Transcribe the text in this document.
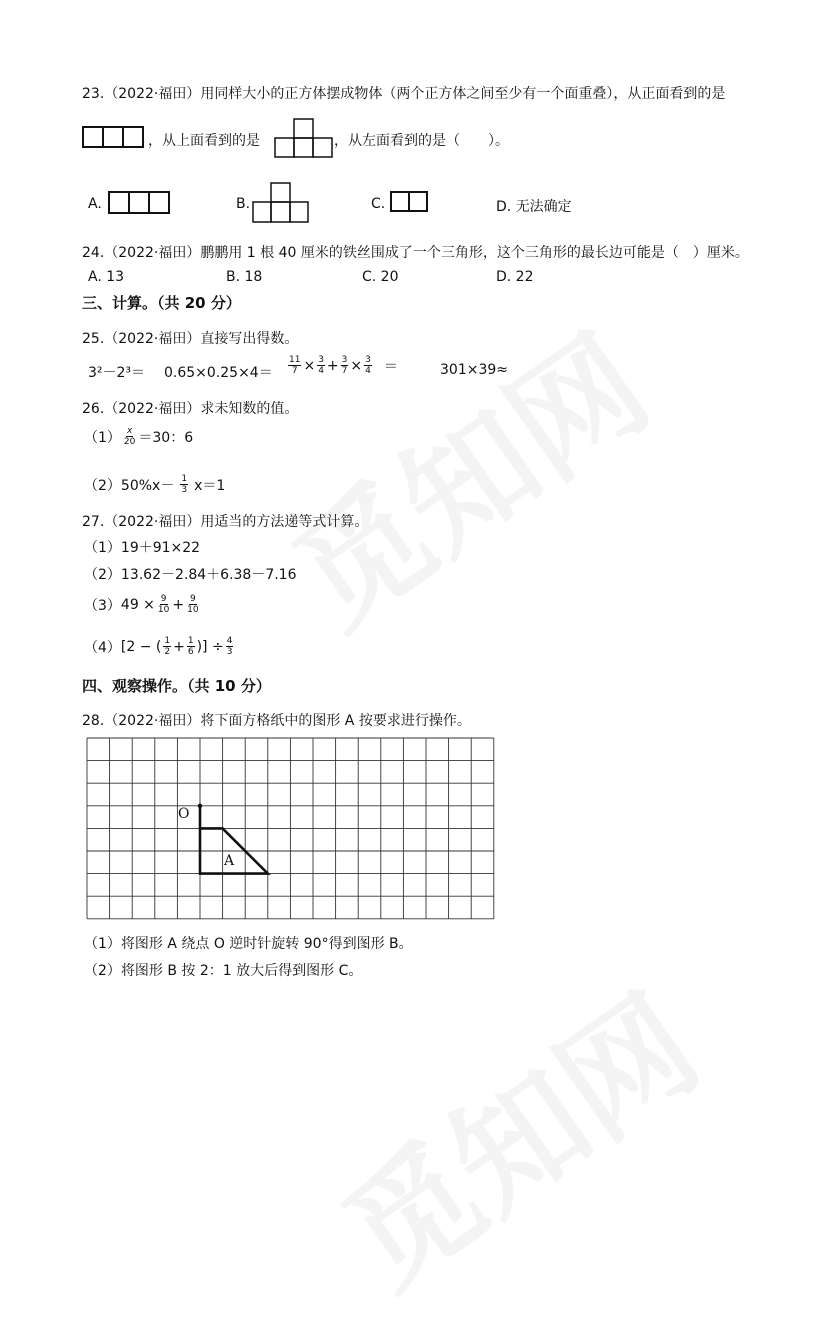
23.（2022·福田）用同样大小的正方体摆成物体（两个正方体之间至少有一个面重叠），从正面看到的是
，从上面看到的是	，从左面看到的是（　　）。
A.	B.	C.	D. 无法确定
24.（2022·福田）鹏鹏用 1 根 40 厘米的铁丝围成了一个三角形，这个三角形的最长边可能是（　）厘米。
A. 13	B. 18	C. 20	D. 22
三、计算。（共 20 分）
25.（2022·福田）直接写出得数。
$3^2-2^3= 0.65\times 0.25\times 4= \frac{11}{7} \times \frac{3}{4} + \frac{3}{7} \times \frac{3}{4}$ ＝	301×39≈
26.（2022·福田）求未知数的值。
$(1) \frac{x}{20} =30$：6
（2） $50\%x- \frac{1}{3} x=1$
27.（2022·福田）用适当的方法递等式计算。
（1）19＋91×22
（2）13.62－2.84＋6.38－7.16
（3） $49 \times \frac{9}{10} + \frac{9}{10}$
（4） [2 − ( $\frac{1}{2} + \frac{1}{6}$ )] ÷ $\frac{4}{3}$
四、观察操作。（共 10 分）
28.（2022·福田）将下面方格纸中的图形 A 按要求进行操作。
O
A
（1）将图形 A 绕点 O 逆时针旋转 90°得到图形 B。
（2）将图形 B 按 2：1 放大后得到图形 C。
